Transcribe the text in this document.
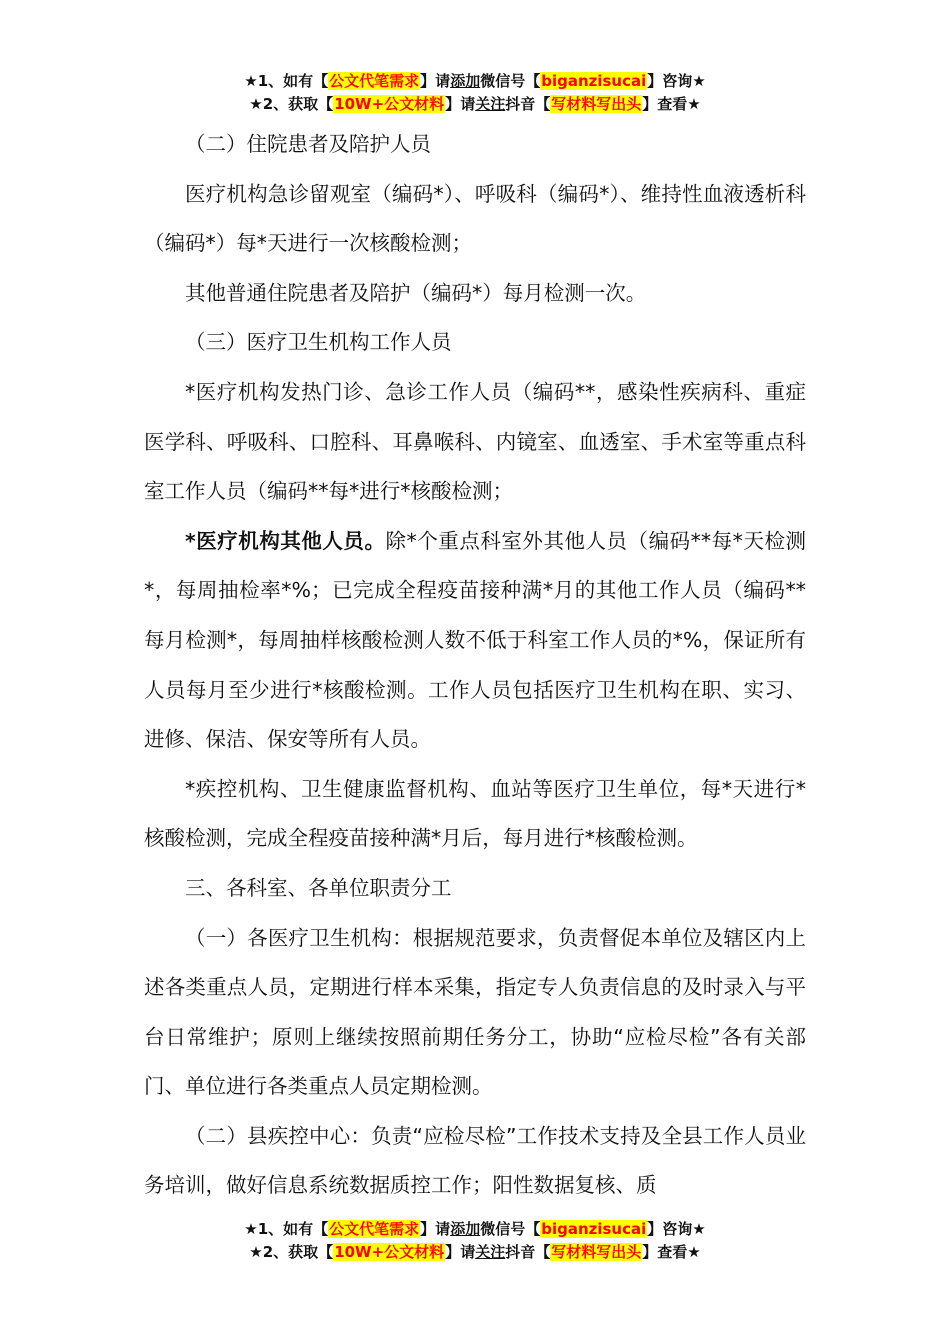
★1、如有【公文代笔需求】请添加微信号【biganzisucai】咨询★
★2、获取【10W+公文材料】请关注抖音【写材料写出头】查看★

（二）住院患者及陪护人员

医疗机构急诊留观室（编码*）、呼吸科（编码*）、维持性血液透析科（编码*）每*天进行一次核酸检测；

其他普通住院患者及陪护（编码*）每月检测一次。

（三）医疗卫生机构工作人员

*医疗机构发热门诊、急诊工作人员（编码**，感染性疾病科、重症医学科、呼吸科、口腔科、耳鼻喉科、内镜室、血透室、手术室等重点科室工作人员（编码**每*进行*核酸检测；

*医疗机构其他人员。除*个重点科室外其他人员（编码**每*天检测*，每周抽检率*%；已完成全程疫苗接种满*月的其他工作人员（编码**每月检测*，每周抽样核酸检测人数不低于科室工作人员的*%，保证所有人员每月至少进行*核酸检测。工作人员包括医疗卫生机构在职、实习、进修、保洁、保安等所有人员。

*疾控机构、卫生健康监督机构、血站等医疗卫生单位，每*天进行*核酸检测，完成全程疫苗接种满*月后，每月进行*核酸检测。

三、各科室、各单位职责分工

（一）各医疗卫生机构：根据规范要求，负责督促本单位及辖区内上述各类重点人员，定期进行样本采集，指定专人负责信息的及时录入与平台日常维护；原则上继续按照前期任务分工，协助“应检尽检”各有关部门、单位进行各类重点人员定期检测。

（二）县疾控中心：负责“应检尽检”工作技术支持及全县工作人员业务培训，做好信息系统数据质控工作；阳性数据复核、质

★1、如有【公文代笔需求】请添加微信号【biganzisucai】咨询★
★2、获取【10W+公文材料】请关注抖音【写材料写出头】查看★
